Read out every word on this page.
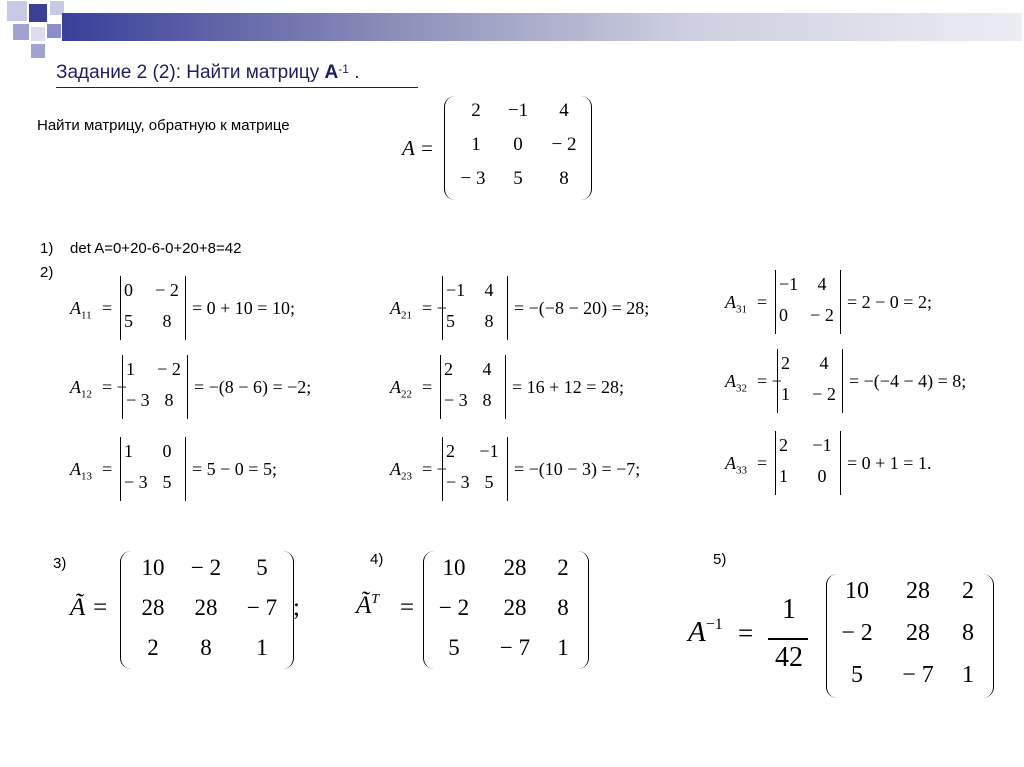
Задание 2 (2): Найти матрицу $А^{-1}$ .
Найти матрицу, обратную к матрице
A =
2	−1	4
1	0	− 2
− 3	5	8
1)    det A=0+20-6-0+20+8=42
2)
$A_{11}$ =
0	− 2
5	8
= 0 + 10 = 10;	$A_{21}$ = −
−1	4
5	8
= −(−8 − 20) = 28;	$A_{31}$ =
−1	4
0	− 2
= 2 − 0 = 2;
$A_{12}$ = −
1	− 2
− 3 8
= −(8 − 6) = −2;	$A_{22}$ =
2	4
− 3 8
= 16 + 12 = 28;	$A_{32}$ = −
2	4
1	− 2
= −(−4 − 4) = 8;
$A_{13}$ =
1	0
− 3 5
= 5 − 0 = 5;	$A_{23}$ = −
2	−1
− 3 5
= −(10 − 3) = −7;	$A_{33}$ =
2	−1
1	0
= 0 + 1 = 1.
3)
Ã =
10	− 2	5
28	28	− 7
2	8	1
;
4)
$Ã^T$ =
10	28	2
− 2	28	8
5	− 7	1
5)
$A^{-1}$ =
1
42
10	28	2
− 2	28	8
5	− 7	1
